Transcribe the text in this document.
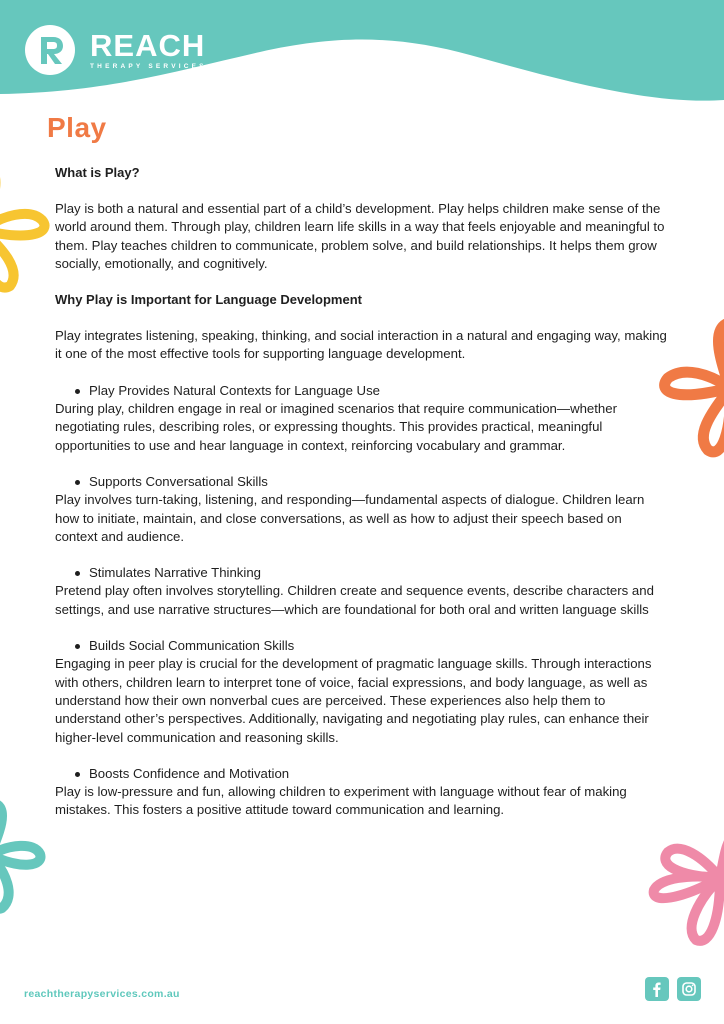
REACH
THERAPY SERVICES
Play
What is Play?

Play is both a natural and essential part of a child’s development. Play helps children make sense of the world around them. Through play, children learn life skills in a way that feels enjoyable and meaningful to them. Play teaches children to communicate, problem solve, and build relationships. It helps them grow socially, emotionally, and cognitively.

Why Play is Important for Language Development

Play integrates listening, speaking, thinking, and social interaction in a natural and engaging way, making it one of the most effective tools for supporting language development.

Play Provides Natural Contexts for Language Use

During play, children engage in real or imagined scenarios that require communication—whether negotiating rules, describing roles, or expressing thoughts. This provides practical, meaningful opportunities to use and hear language in context, reinforcing vocabulary and grammar.

Supports Conversational Skills

Play involves turn-taking, listening, and responding—fundamental aspects of dialogue. Children learn how to initiate, maintain, and close conversations, as well as how to adjust their speech based on context and audience.

Stimulates Narrative Thinking

Pretend play often involves storytelling. Children create and sequence events, describe characters and settings, and use narrative structures—which are foundational for both oral and written language skills

Builds Social Communication Skills

Engaging in peer play is crucial for the development of pragmatic language skills. Through interactions with others, children learn to interpret tone of voice, facial expressions, and body language, as well as understand how their own nonverbal cues are perceived. These experiences also help them to understand other’s perspectives. Additionally, navigating and negotiating play rules, can enhance their higher-level communication and reasoning skills.

Boosts Confidence and Motivation

Play is low-pressure and fun, allowing children to experiment with language without fear of making mistakes. This fosters a positive attitude toward communication and learning.

reachtherapyservices.com.au
